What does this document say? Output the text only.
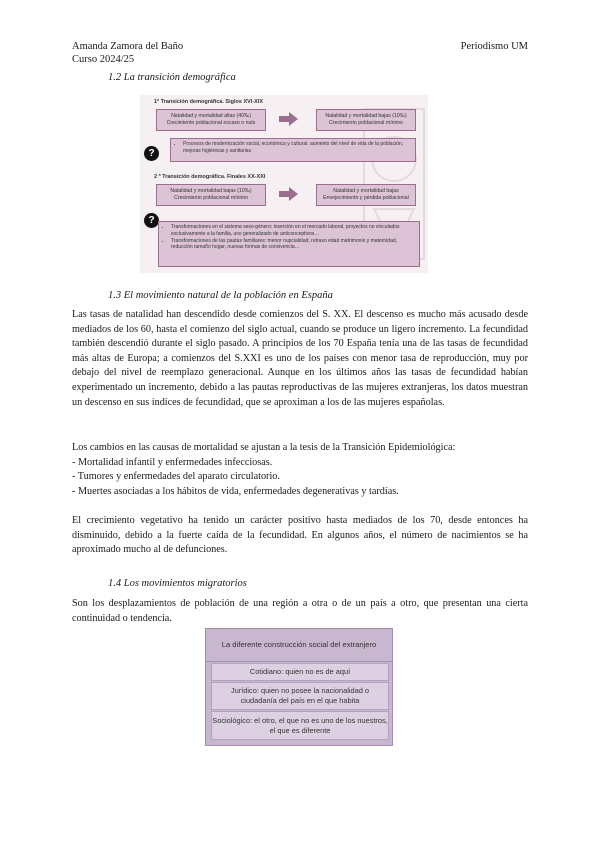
Amanda Zamora del Baño
Curso 2024/25
Periodismo UM
1.2 La transición demográfica
1ª Transición demográfica. Siglos XVI-XIX
Natalidad y mortalidad altas (40‰)
Crecimiento poblacional escaso o nulo
Natalidad y mortalidad bajas (10‰)
Crecimiento poblacional mínimo
?
• Procesos de modernización social, económica y cultural: aumento del nivel de vida de la población, mejoras higiénicas y sanitarias
2 ª Transición demográfica. Finales XX-XXI
Natalidad y mortalidad bajas (10‰)
Crecimiento poblacional mínimo
Natalidad y mortalidad bajas
Envejecimiento y pérdida poblacional
?
• Transformaciones en el sistema sexo-género: inserción en el mercado laboral, proyectos no vinculados exclusivamente a la familia, uso generalizado de anticonceptivos…
• Transformaciones de las pautas familiares: menor nupcialidad, retraso edad matrimonio y maternidad, reducción tamaño hogar, nuevas formas de convivencia…
1.3 El movimiento natural de la población en España

Las tasas de natalidad han descendido desde comienzos del S. XX. El descenso es mucho más acusado desde mediados de los 60, hasta el comienzo del siglo actual, cuando se produce un ligero incremento. La fecundidad también descendió durante el siglo pasado. A principios de los 70 España tenía una de las tasas de fecundidad más altas de Europa; a comienzos del S.XXI es uno de los países con menor tasa de reproducción, muy por debajo del nivel de reemplazo generacional. Aunque en los últimos años las tasas de fecundidad habían experimentado un incremento, debido a las pautas reproductivas de las mujeres extranjeras, los datos muestran un descenso en sus índices de fecundidad, que se aproximan a los de las mujeres españolas.

Los cambios en las causas de mortalidad se ajustan a la tesis de la Transición Epidemiológica:

- Mortalidad infantil y enfermedades infecciosas.
- Tumores y enfermedades del aparato circulatorio.
- Muertes asociadas a los hábitos de vida, enfermedades degenerativas y tardías.

El crecimiento vegetativo ha tenido un carácter positivo hasta mediados de los 70, desde entonces ha disminuido, debido a la fuerte caída de la fecundidad. En algunos años, el número de nacimientos se ha aproximado mucho al de defunciones.

1.4 Los movimientos migratorios

Son los desplazamientos de población de una región a otra o de un país a otro, que presentan una cierta continuidad o tendencia.

La diferente construcción social del extranjero
Cotidiano: quien no es de aquí
Jurídico: quien no posee la nacionalidad o ciudadanía del país en el que habita
Sociológico: el otro, el que no es uno de los nuestros, el que es diferente
